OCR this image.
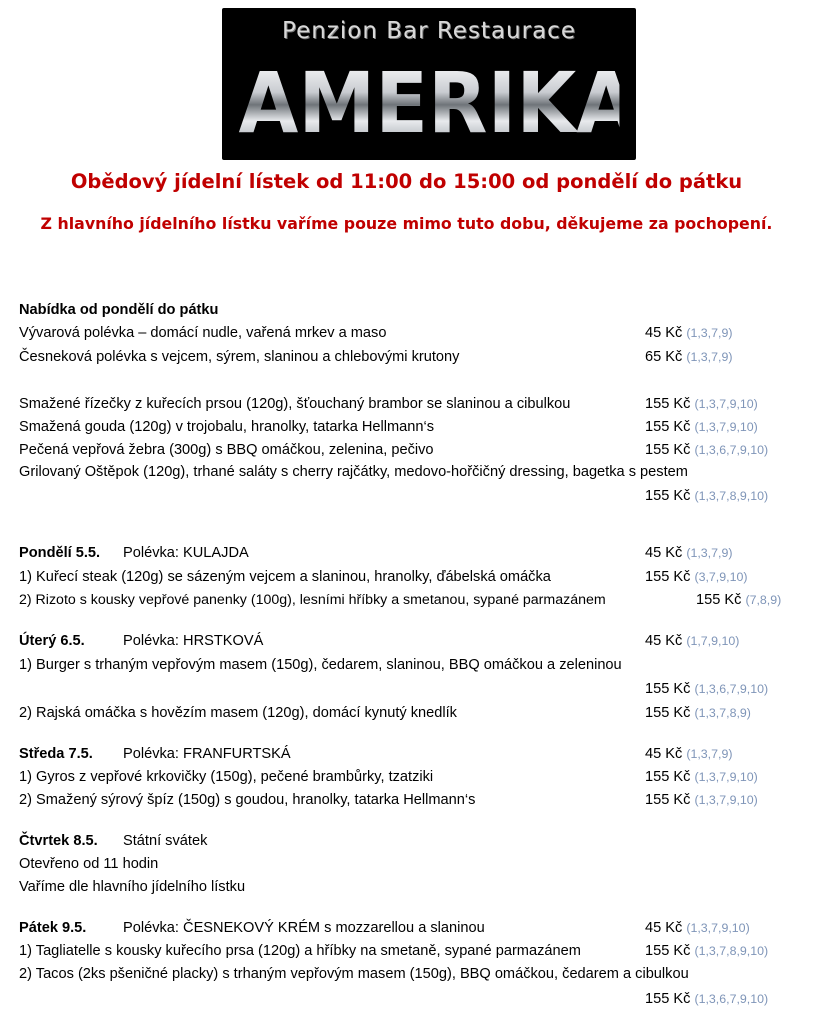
Penzion Bar Restaurace
AMERIKA
Obědový jídelní lístek od 11:00 do 15:00 od pondělí do pátku
Z hlavního jídelního lístku vaříme pouze mimo tuto dobu, děkujeme za pochopení.
Nabídka od pondělí do pátku
Vývarová polévka – domácí nudle, vařená mrkev a maso	45 Kč (1,3,7,9)
Česneková polévka s vejcem, sýrem, slaninou a chlebovými krutony	65 Kč (1,3,7,9)
Smažené řízečky z kuřecích prsou (120g), šťouchaný brambor se slaninou a cibulkou	155 Kč (1,3,7,9,10)
Smažená gouda (120g) v trojobalu, hranolky, tatarka Hellmann‘s	155 Kč (1,3,7,9,10)
Pečená vepřová žebra (300g) s BBQ omáčkou, zelenina, pečivo	155 Kč (1,3,6,7,9,10)
Grilovaný Oštěpok (120g), trhané saláty s cherry rajčátky, medovo-hořčičný dressing, bagetka s pestem
155 Kč (1,3,7,8,9,10)
Pondělí 5.5. Polévka: KULAJDA	45 Kč (1,3,7,9)
1) Kuřecí steak (120g) se sázeným vejcem a slaninou, hranolky, ďábelská omáčka	155 Kč (3,7,9,10)
2) Rizoto s kousky vepřové panenky (100g), lesními hříbky a smetanou, sypané parmazánem	155 Kč (7,8,9)
Úterý 6.5.	Polévka: HRSTKOVÁ	45 Kč (1,7,9,10)
1) Burger s trhaným vepřovým masem (150g), čedarem, slaninou, BBQ omáčkou a zeleninou
155 Kč (1,3,6,7,9,10)
2) Rajská omáčka s hovězím masem (120g), domácí kynutý knedlík	155 Kč (1,3,7,8,9)
Středa 7.5. Polévka: FRANFURTSKÁ	45 Kč (1,3,7,9)
1) Gyros z vepřové krkovičky (150g), pečené brambůrky, tzatziki	155 Kč (1,3,7,9,10)
2) Smažený sýrový špíz (150g) s goudou, hranolky, tatarka Hellmann‘s	155 Kč (1,3,7,9,10)
Čtvrtek 8.5. Státní svátek
Otevřeno od 11 hodin
Vaříme dle hlavního jídelního lístku
Pátek 9.5.	Polévka: ČESNEKOVÝ KRÉM s mozzarellou a slaninou	45 Kč (1,3,7,9,10)
1) Tagliatelle s kousky kuřecího prsa (120g) a hříbky na smetaně, sypané parmazánem	155 Kč (1,3,7,8,9,10)
2) Tacos (2ks pšeničné placky) s trhaným vepřovým masem (150g), BBQ omáčkou, čedarem a cibulkou
155 Kč (1,3,6,7,9,10)
